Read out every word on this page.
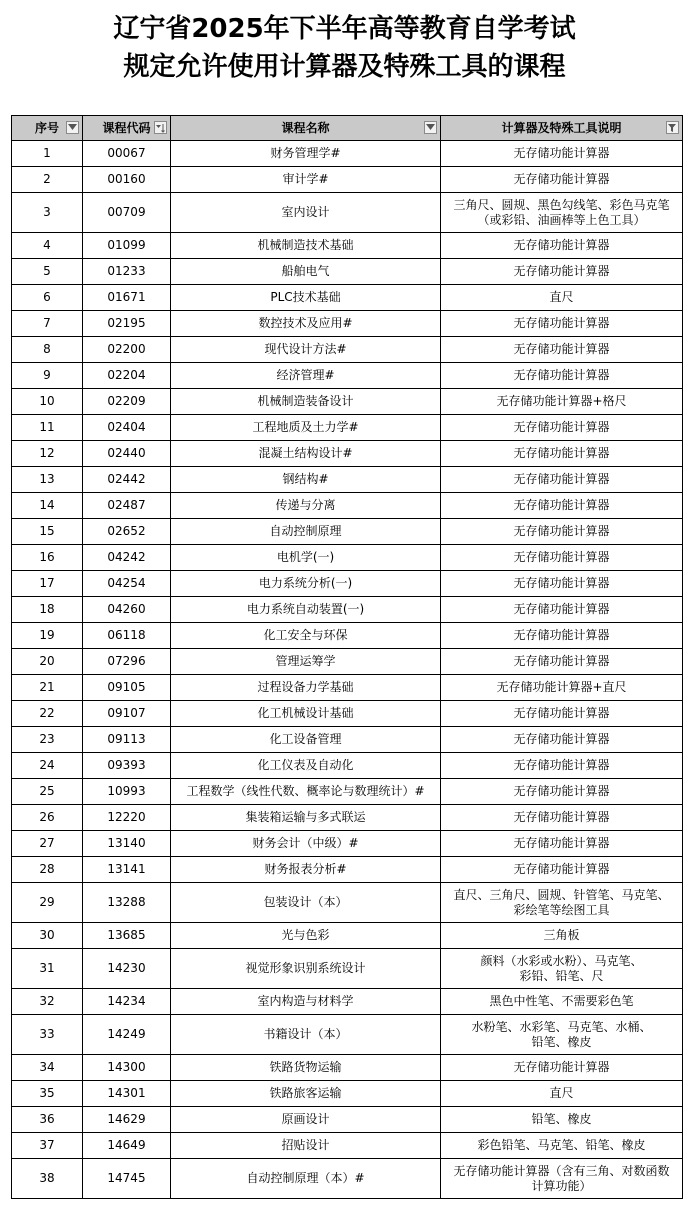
辽宁省2025年下半年高等教育自学考试
规定允许使用计算器及特殊工具的课程
序号	课程代码	课程名称	计算器及特殊工具说明

1	00067	财务管理学#	无存储功能计算器
2	00160	审计学#	无存储功能计算器
3	00709	室内设计	三角尺、圆规、黑色勾线笔、彩色马克笔
（或彩铅、油画棒等上色工具）

4	01099	机械制造技术基础	无存储功能计算器
5	01233	船舶电气	无存储功能计算器
6	01671	PLC技术基础	直尺
7	02195	数控技术及应用#	无存储功能计算器
8	02200	现代设计方法#	无存储功能计算器
9	02204	经济管理#	无存储功能计算器
10	02209	机械制造装备设计	无存储功能计算器+格尺
11	02404	工程地质及土力学#	无存储功能计算器
12	02440	混凝土结构设计#	无存储功能计算器
13	02442	钢结构#	无存储功能计算器
14	02487	传递与分离	无存储功能计算器
15	02652	自动控制原理	无存储功能计算器
16	04242	电机学(一)	无存储功能计算器
17	04254	电力系统分析(一)	无存储功能计算器
18	04260	电力系统自动装置(一)	无存储功能计算器
19	06118	化工安全与环保	无存储功能计算器
20	07296	管理运筹学	无存储功能计算器
21	09105	过程设备力学基础	无存储功能计算器+直尺
22	09107	化工机械设计基础	无存储功能计算器
23	09113	化工设备管理	无存储功能计算器
24	09393	化工仪表及自动化	无存储功能计算器
25	10993	工程数学（线性代数、概率论与数理统计）#	无存储功能计算器
26	12220	集装箱运输与多式联运	无存储功能计算器
27	13140	财务会计（中级）#	无存储功能计算器
28	13141	财务报表分析#	无存储功能计算器
29	13288	包装设计（本）	直尺、三角尺、圆规、针管笔、马克笔、
彩绘笔等绘图工具

30	13685	光与色彩	三角板
31	14230	视觉形象识别系统设计	颜料（水彩或水粉）、马克笔、
彩铅、铅笔、尺

32	14234	室内构造与材料学	黑色中性笔、不需要彩色笔
33	14249	书籍设计（本）	水粉笔、水彩笔、马克笔、水桶、
铅笔、橡皮

34	14300	铁路货物运输	无存储功能计算器
35	14301	铁路旅客运输	直尺
36	14629	原画设计	铅笔、橡皮
37	14649	招贴设计	彩色铅笔、马克笔、铅笔、橡皮
38	14745	自动控制原理（本）#	无存储功能计算器（含有三角、对数函数
计算功能）
